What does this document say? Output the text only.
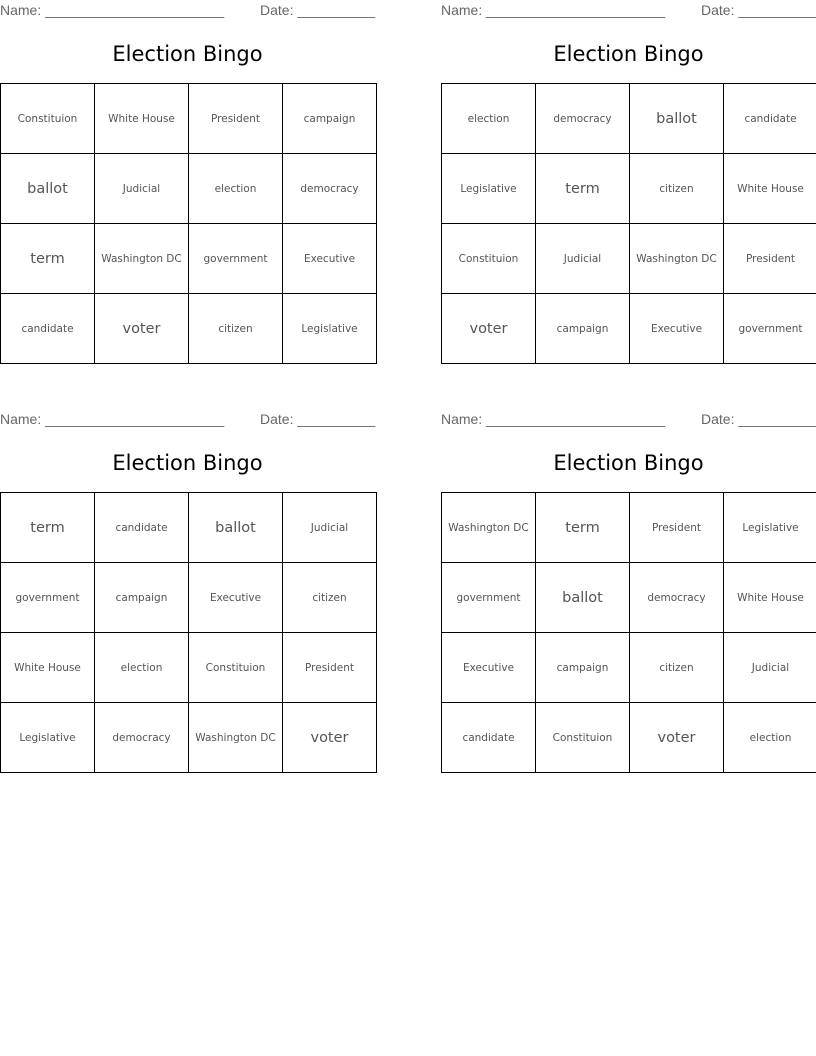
Name: _______________________	Date: __________
Election Bingo
Constituion	White House	President	campaign
ballot	Judicial	election	democracy
term	Washington DC	government	Executive
candidate	voter	citizen	Legislative
Name: _______________________	Date: __________
Election Bingo
election	democracy	ballot	candidate
Legislative	term	citizen	White House
Constituion	Judicial	Washington DC	President
voter	campaign	Executive	government
Name: _______________________	Date: __________
Election Bingo
term	candidate	ballot	Judicial
government	campaign	Executive	citizen
White House	election	Constituion	President
Legislative	democracy	Washington DC	voter
Name: _______________________	Date: __________
Election Bingo
Washington DC	term	President	Legislative
government	ballot	democracy	White House
Executive	campaign	citizen	Judicial
candidate	Constituion	voter	election
